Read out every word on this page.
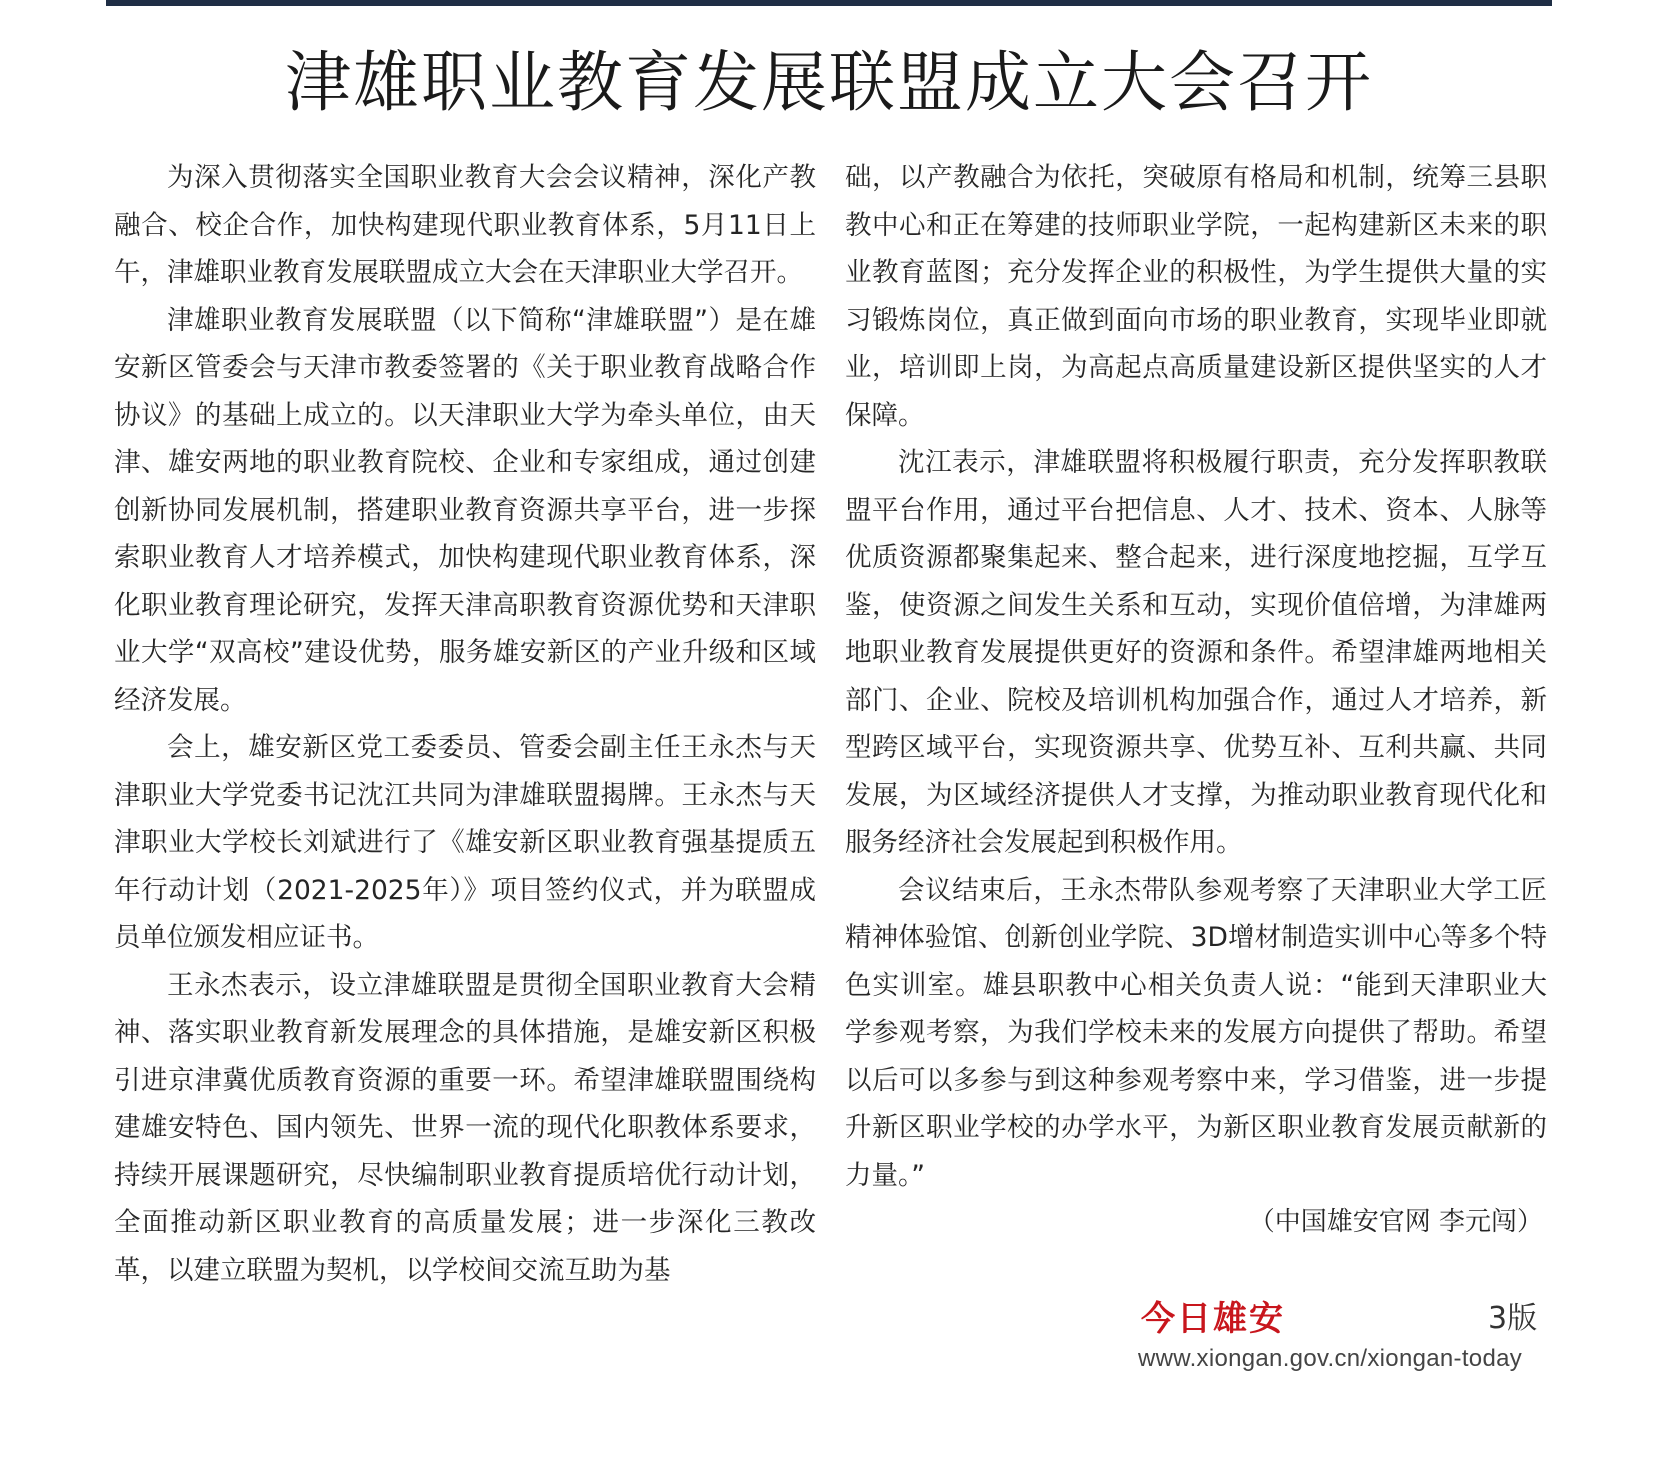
津雄职业教育发展联盟成立大会召开

为深入贯彻落实全国职业教育大会会议精神，深化产教融合、校企合作，加快构建现代职业教育体系，5月11日上午，津雄职业教育发展联盟成立大会在天津职业大学召开。

津雄职业教育发展联盟（以下简称“津雄联盟”）是在雄安新区管委会与天津市教委签署的《关于职业教育战略合作协议》的基础上成立的。以天津职业大学为牵头单位，由天津、雄安两地的职业教育院校、企业和专家组成，通过创建创新协同发展机制，搭建职业教育资源共享平台，进一步探索职业教育人才培养模式，加快构建现代职业教育体系，深化职业教育理论研究，发挥天津高职教育资源优势和天津职业大学“双高校”建设优势，服务雄安新区的产业升级和区域经济发展。

会上，雄安新区党工委委员、管委会副主任王永杰与天津职业大学党委书记沈江共同为津雄联盟揭牌。王永杰与天津职业大学校长刘斌进行了《雄安新区职业教育强基提质五年行动计划（2021-2025年）》项目签约仪式，并为联盟成员单位颁发相应证书。

王永杰表示，设立津雄联盟是贯彻全国职业教育大会精神、落实职业教育新发展理念的具体措施，是雄安新区积极引进京津冀优质教育资源的重要一环。希望津雄联盟围绕构建雄安特色、国内领先、世界一流的现代化职教体系要求，持续开展课题研究，尽快编制职业教育提质培优行动计划，全面推动新区职业教育的高质量发展；进一步深化三教改革，以建立联盟为契机，以学校间交流互助为基

础，以产教融合为依托，突破原有格局和机制，统筹三县职教中心和正在筹建的技师职业学院，一起构建新区未来的职业教育蓝图；充分发挥企业的积极性，为学生提供大量的实习锻炼岗位，真正做到面向市场的职业教育，实现毕业即就业，培训即上岗，为高起点高质量建设新区提供坚实的人才保障。

沈江表示，津雄联盟将积极履行职责，充分发挥职教联盟平台作用，通过平台把信息、人才、技术、资本、人脉等优质资源都聚集起来、整合起来，进行深度地挖掘，互学互鉴，使资源之间发生关系和互动，实现价值倍增，为津雄两地职业教育发展提供更好的资源和条件。希望津雄两地相关部门、企业、院校及培训机构加强合作，通过人才培养，新型跨区域平台，实现资源共享、优势互补、互利共赢、共同发展，为区域经济提供人才支撑，为推动职业教育现代化和服务经济社会发展起到积极作用。

会议结束后，王永杰带队参观考察了天津职业大学工匠精神体验馆、创新创业学院、3D增材制造实训中心等多个特色实训室。雄县职教中心相关负责人说：“能到天津职业大学参观考察，为我们学校未来的发展方向提供了帮助。希望以后可以多参与到这种参观考察中来，学习借鉴，进一步提升新区职业学校的办学水平，为新区职业教育发展贡献新的力量。”

（中国雄安官网 李元闯）

今日雄安	3版
www.xiongan.gov.cn/xiongan-today
